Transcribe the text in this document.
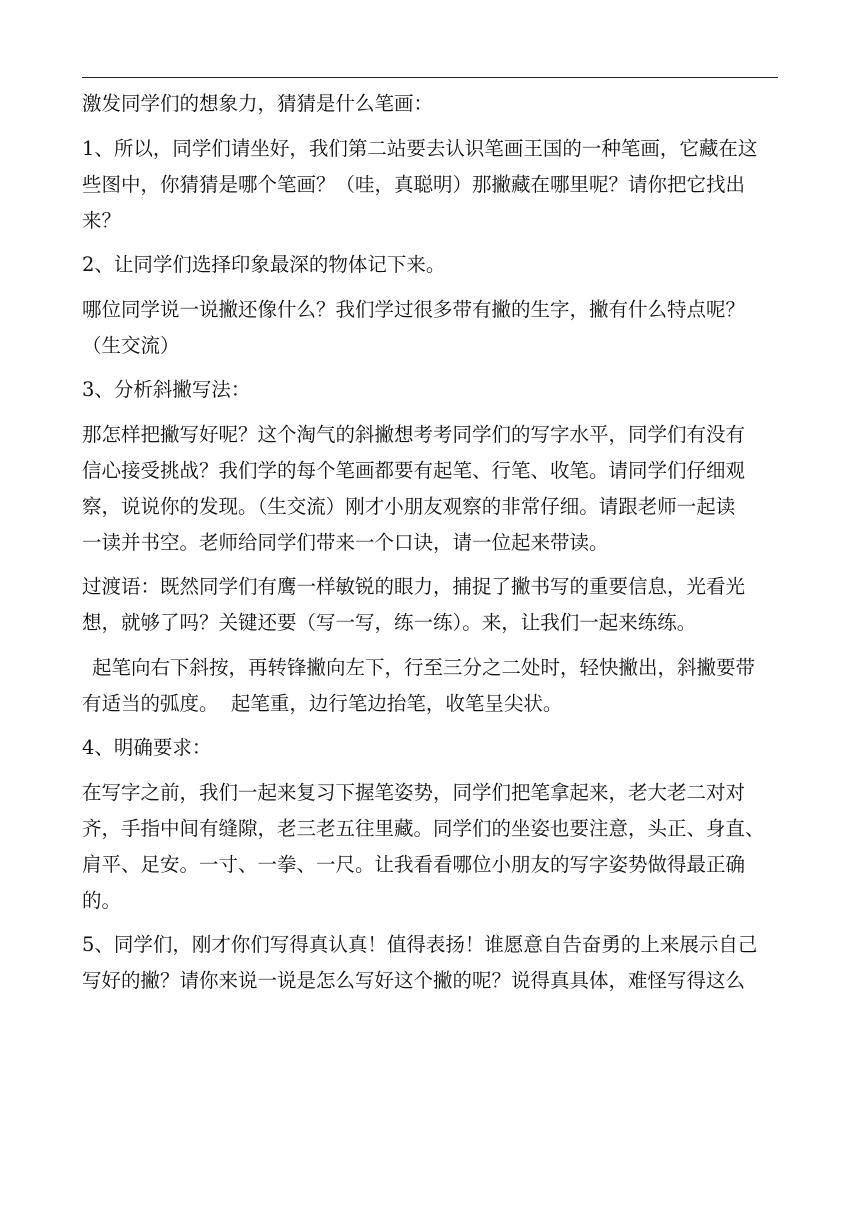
激发同学们的想象力，猜猜是什么笔画：

1、所以，同学们请坐好，我们第二站要去认识笔画王国的一种笔画，它藏在这

些图中，你猜猜是哪个笔画？（哇，真聪明）那撇藏在哪里呢？请你把它找出

来？

2、让同学们选择印象最深的物体记下来。

哪位同学说一说撇还像什么？我们学过很多带有撇的生字，撇有什么特点呢？

（生交流）

3、分析斜撇写法：

那怎样把撇写好呢？这个淘气的斜撇想考考同学们的写字水平，同学们有没有

信心接受挑战？我们学的每个笔画都要有起笔、行笔、收笔。请同学们仔细观

察，说说你的发现。（生交流）刚才小朋友观察的非常仔细。请跟老师一起读

一读并书空。老师给同学们带来一个口诀，请一位起来带读。

过渡语：既然同学们有鹰一样敏锐的眼力，捕捉了撇书写的重要信息，光看光

想，就够了吗？关键还要（写一写，练一练）。来，让我们一起来练练。

起笔向右下斜按，再转锋撇向左下，行至三分之二处时，轻快撇出，斜撇要带

有适当的弧度。  起笔重，边行笔边抬笔，收笔呈尖状。

4、明确要求：

在写字之前，我们一起来复习下握笔姿势，同学们把笔拿起来，老大老二对对

齐，手指中间有缝隙，老三老五往里藏。同学们的坐姿也要注意，头正、身直、

肩平、足安。一寸、一拳、一尺。让我看看哪位小朋友的写字姿势做得最正确

的。

5、同学们，刚才你们写得真认真！值得表扬！谁愿意自告奋勇的上来展示自己

写好的撇？请你来说一说是怎么写好这个撇的呢？说得真具体，难怪写得这么
